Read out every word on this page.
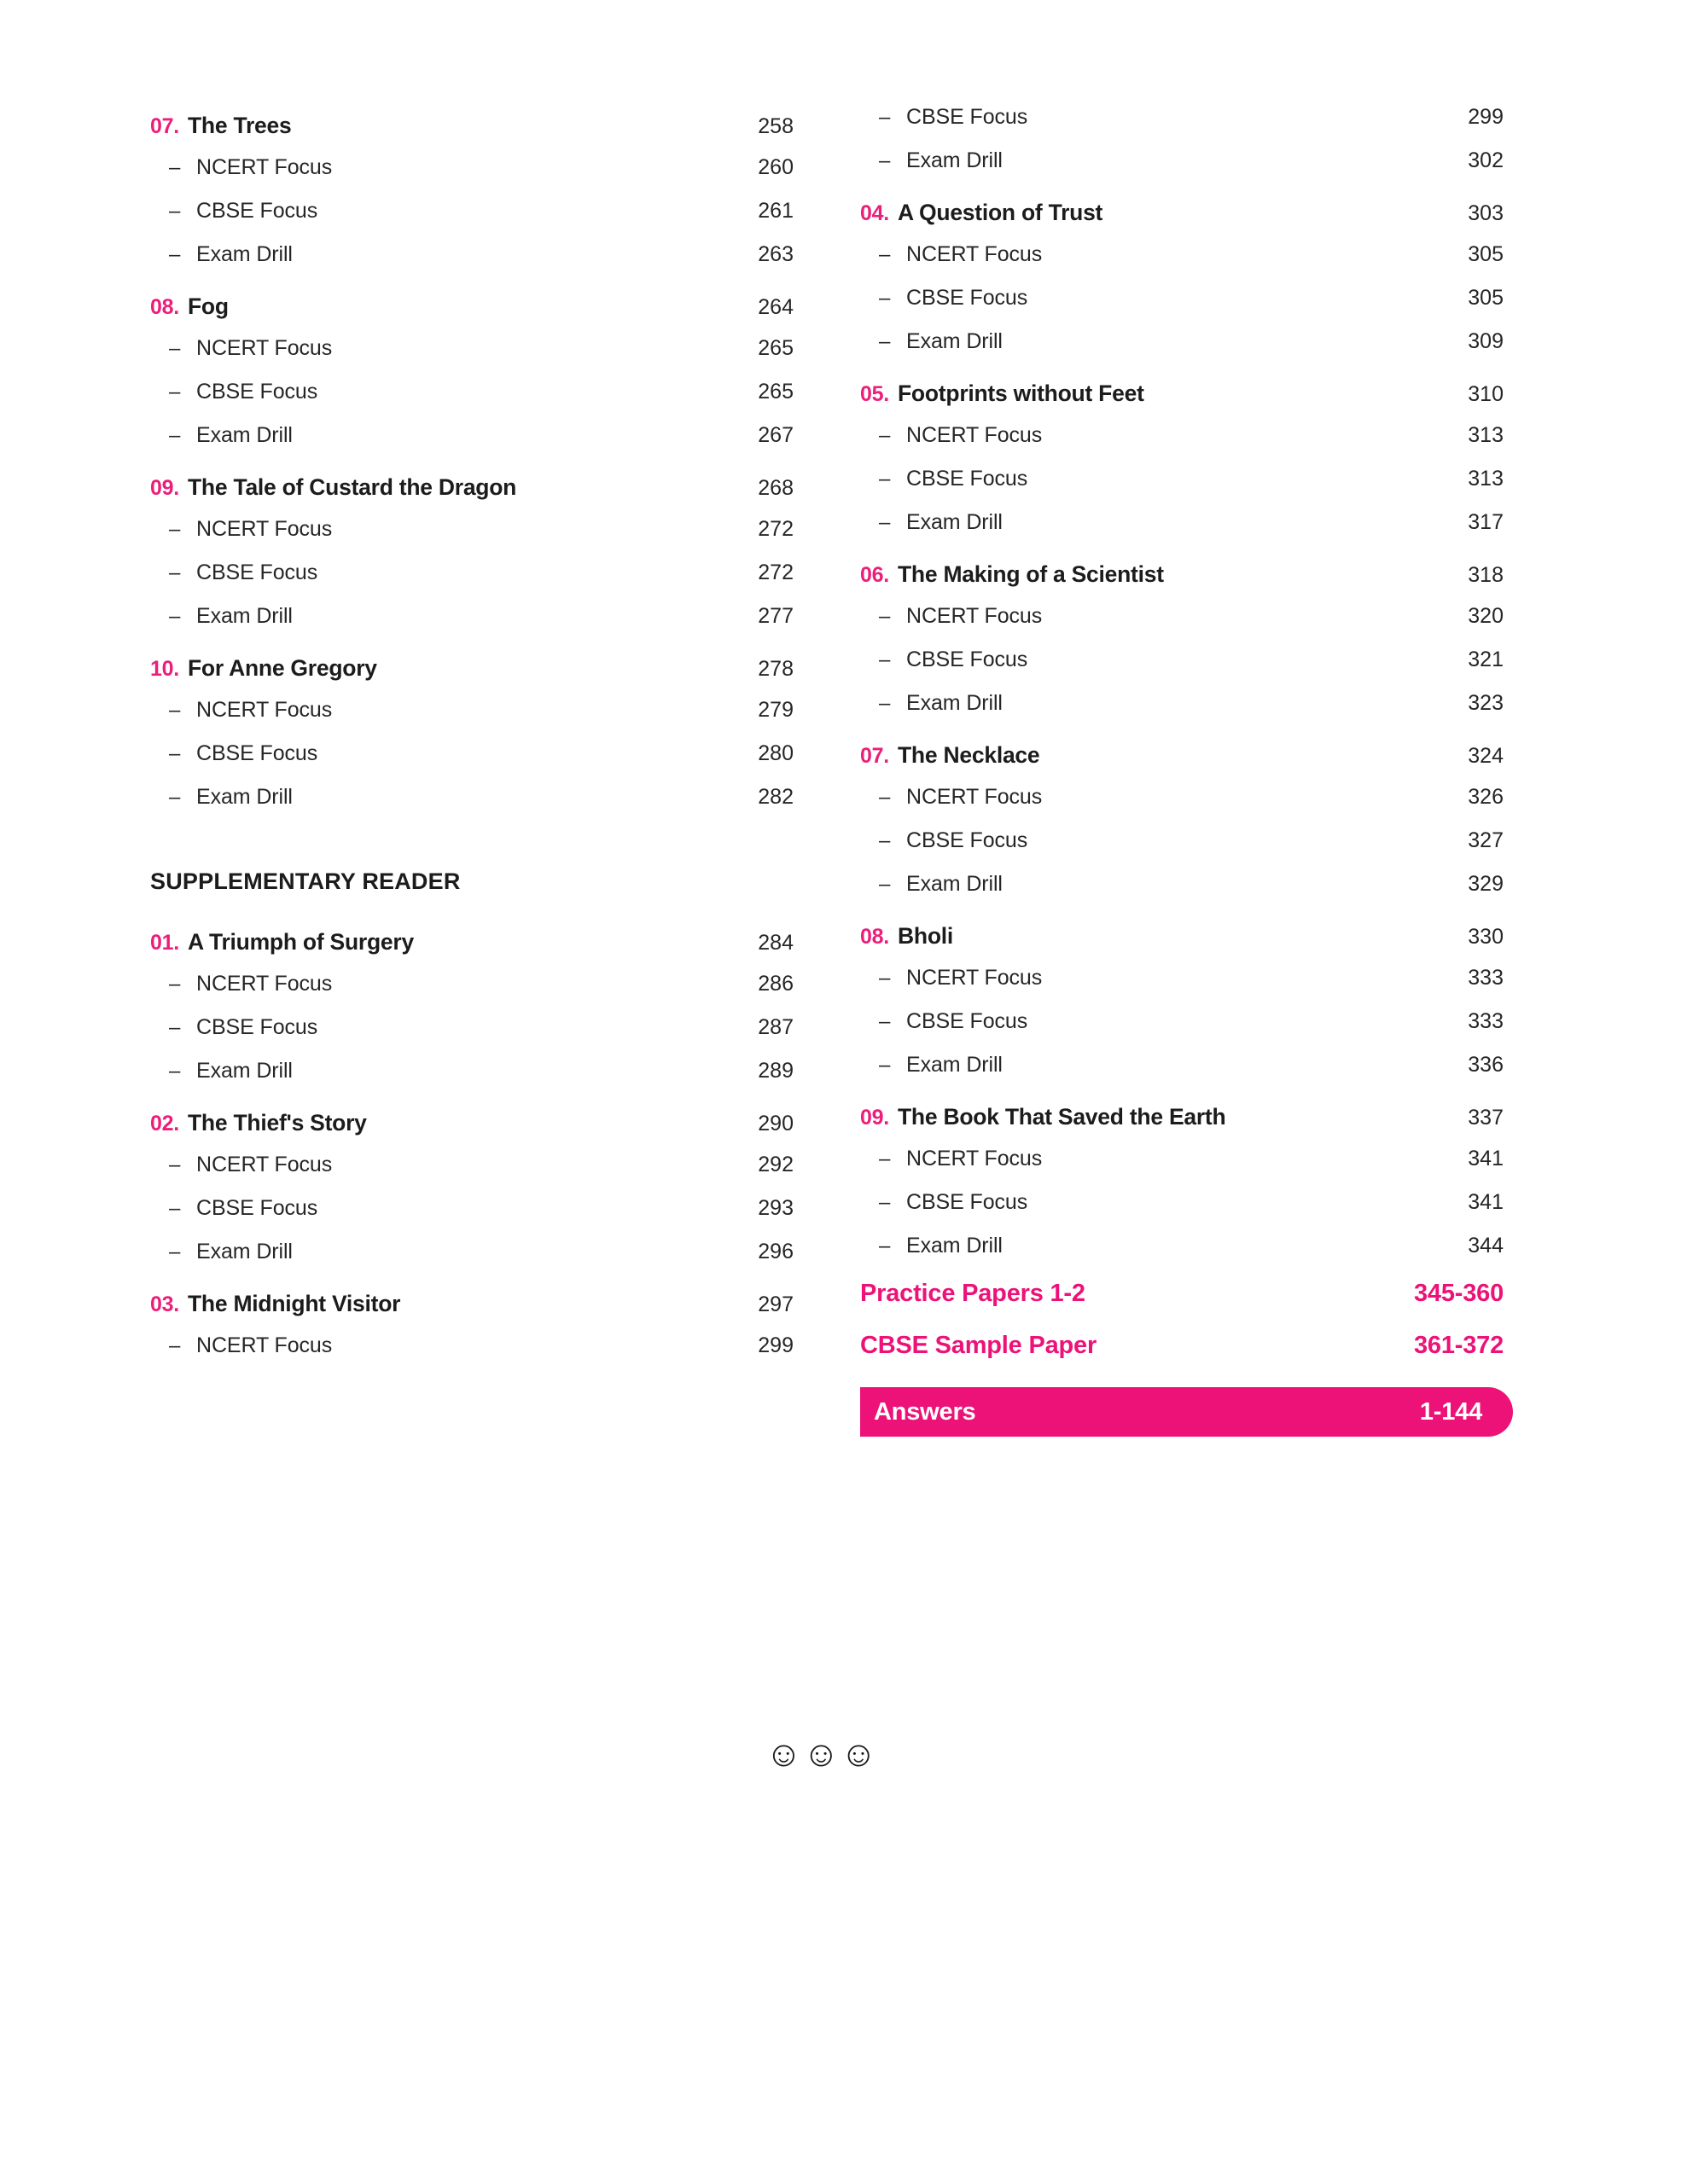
07. The Trees	258
– NCERT Focus	260
– CBSE Focus	261
– Exam Drill	263
08. Fog	264
– NCERT Focus	265
– CBSE Focus	265
– Exam Drill	267
09. The Tale of Custard the Dragon	268
– NCERT Focus	272
– CBSE Focus	272
– Exam Drill	277
10. For Anne Gregory	278
– NCERT Focus	279
– CBSE Focus	280
– Exam Drill	282
SUPPLEMENTARY READER
01. A Triumph of Surgery	284
– NCERT Focus	286
– CBSE Focus	287
– Exam Drill	289
02. The Thief's Story	290
– NCERT Focus	292
– CBSE Focus	293
– Exam Drill	296
03. The Midnight Visitor	297
– NCERT Focus	299
– CBSE Focus	299
– Exam Drill	302
04. A Question of Trust	303
– NCERT Focus	305
– CBSE Focus	305
– Exam Drill	309
05. Footprints without Feet	310
– NCERT Focus	313
– CBSE Focus	313
– Exam Drill	317
06. The Making of a Scientist	318
– NCERT Focus	320
– CBSE Focus	321
– Exam Drill	323
07. The Necklace	324
– NCERT Focus	326
– CBSE Focus	327
– Exam Drill	329
08. Bholi	330
– NCERT Focus	333
– CBSE Focus	333
– Exam Drill	336
09. The Book That Saved the Earth	337
– NCERT Focus	341
– CBSE Focus	341
– Exam Drill	344
Practice Papers 1-2	345-360
CBSE Sample Paper	361-372
Answers	1-144
☺☺☺
